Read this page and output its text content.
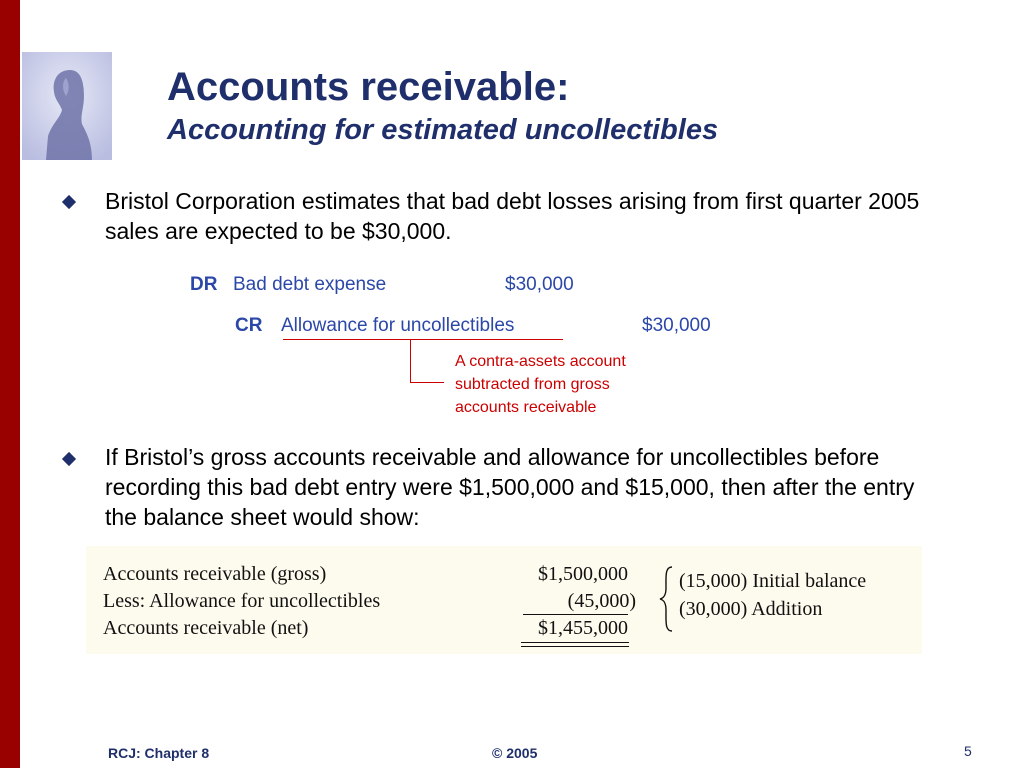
Accounts receivable:
Accounting for estimated uncollectibles
Bristol Corporation estimates that bad debt losses arising from first quarter 2005 sales are expected to be $30,000.
DR Bad debt expense	$30,000
CR Allowance for uncollectibles	$30,000
A contra-assets account
subtracted from gross
accounts receivable
If Bristol’s gross accounts receivable and allowance for uncollectibles before recording this bad debt entry were $1,500,000 and $15,000, then after the entry the balance sheet would show:
Accounts receivable (gross)	$1,500,000
Less: Allowance for uncollectibles	(45,000)
Accounts receivable (net)	$1,455,000
(15,000) Initial balance
(30,000) Addition
RCJ: Chapter 8	© 2005	5
